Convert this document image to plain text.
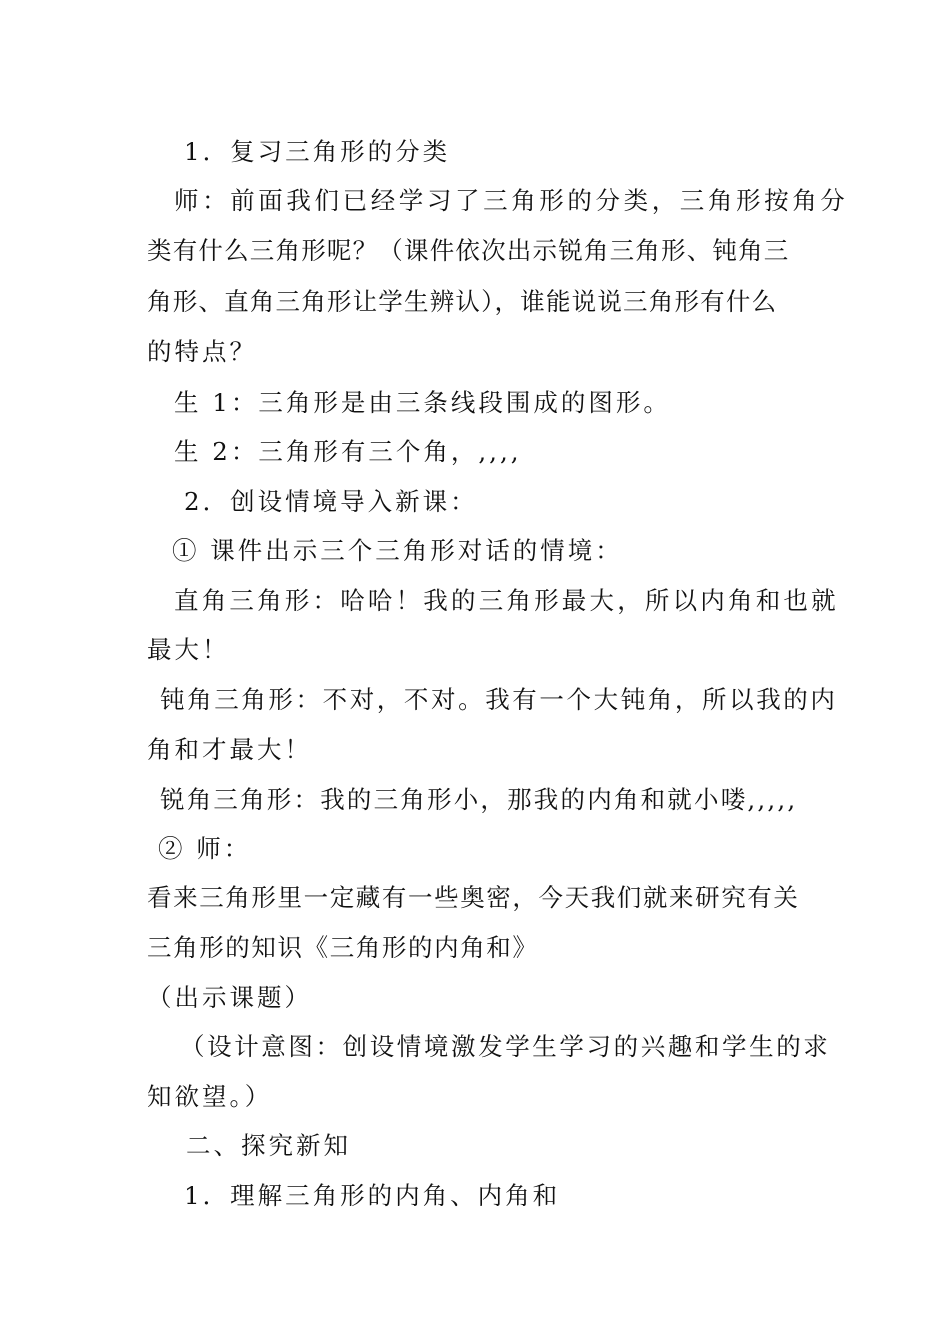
1．复习三角形的分类
师：前面我们已经学习了三角形的分类，三角形按角分
类有什么三角形呢？（课件依次出示锐角三角形、钝角三
角形、直角三角形让学生辨认），谁能说说三角形有什么
的特点？
生 1：三角形是由三条线段围成的图形。
生 2：三角形有三个角，,,,,
2．创设情境导入新课：
① 课件出示三个三角形对话的情境：
直角三角形：哈哈！我的三角形最大，所以内角和也就
最大！
钝角三角形：不对，不对。我有一个大钝角，所以我的内
角和才最大！
锐角三角形：我的三角形小，那我的内角和就小喽,,,,,
② 师：
看来三角形里一定藏有一些奥密，今天我们就来研究有关
三角形的知识《三角形的内角和》
（出示课题）
（设计意图：创设情境激发学生学习的兴趣和学生的求
知欲望。）
二、探究新知
1．理解三角形的内角、内角和
